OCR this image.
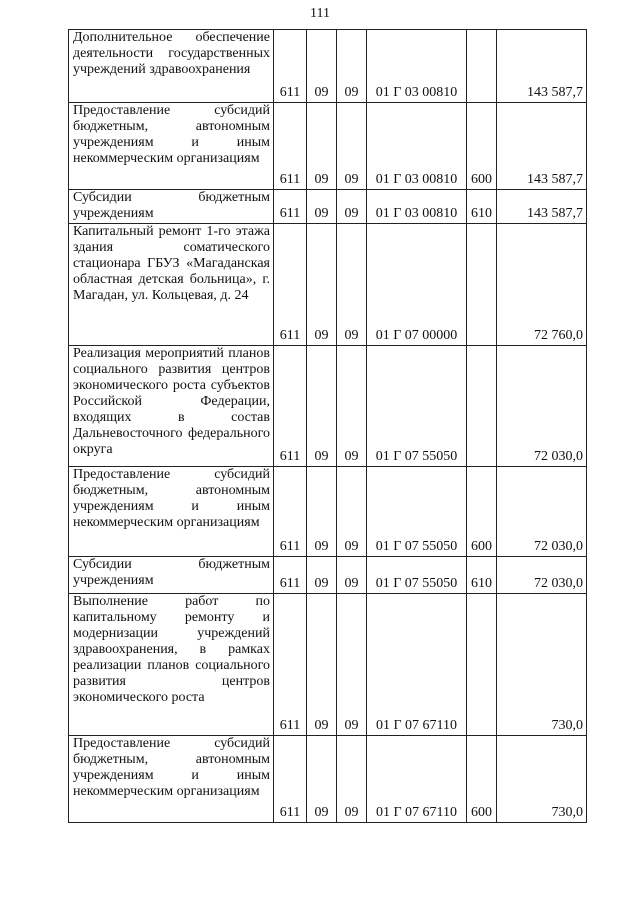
111
Дополнительное обеспечение деятельности государственных учреждений здравоохранения	611	09	09	01 Г 03 00810		143 587,7

Предоставление субсидий бюджетным, автономным учреждениям и иным некоммерческим организациям	611	09	09	01 Г 03 00810	600	143 587,7

Субсидии бюджетным учреждениям	611	09	09	01 Г 03 00810	610	143 587,7

Капитальный ремонт 1-го этажа здания соматического стационара ГБУЗ «Магаданская областная детская больница», г. Магадан, ул. Кольцевая, д. 24	611	09	09	01 Г 07 00000		72 760,0

Реализация мероприятий планов социального развития центров экономического роста субъектов Российской Федерации, входящих в состав Дальневосточного федерального округа	611	09	09	01 Г 07 55050		72 030,0

Предоставление субсидий бюджетным, автономным учреждениям и иным некоммерческим организациям	611	09	09	01 Г 07 55050	600	72 030,0

Субсидии бюджетным учреждениям	611	09	09	01 Г 07 55050	610	72 030,0

Выполнение работ по капитальному ремонту и модернизации учреждений здравоохранения, в рамках реализации планов социального развития центров экономического роста	611	09	09	01 Г 07 67110		730,0

Предоставление субсидий бюджетным, автономным учреждениям и иным некоммерческим организациям	611	09	09	01 Г 07 67110	600	730,0
